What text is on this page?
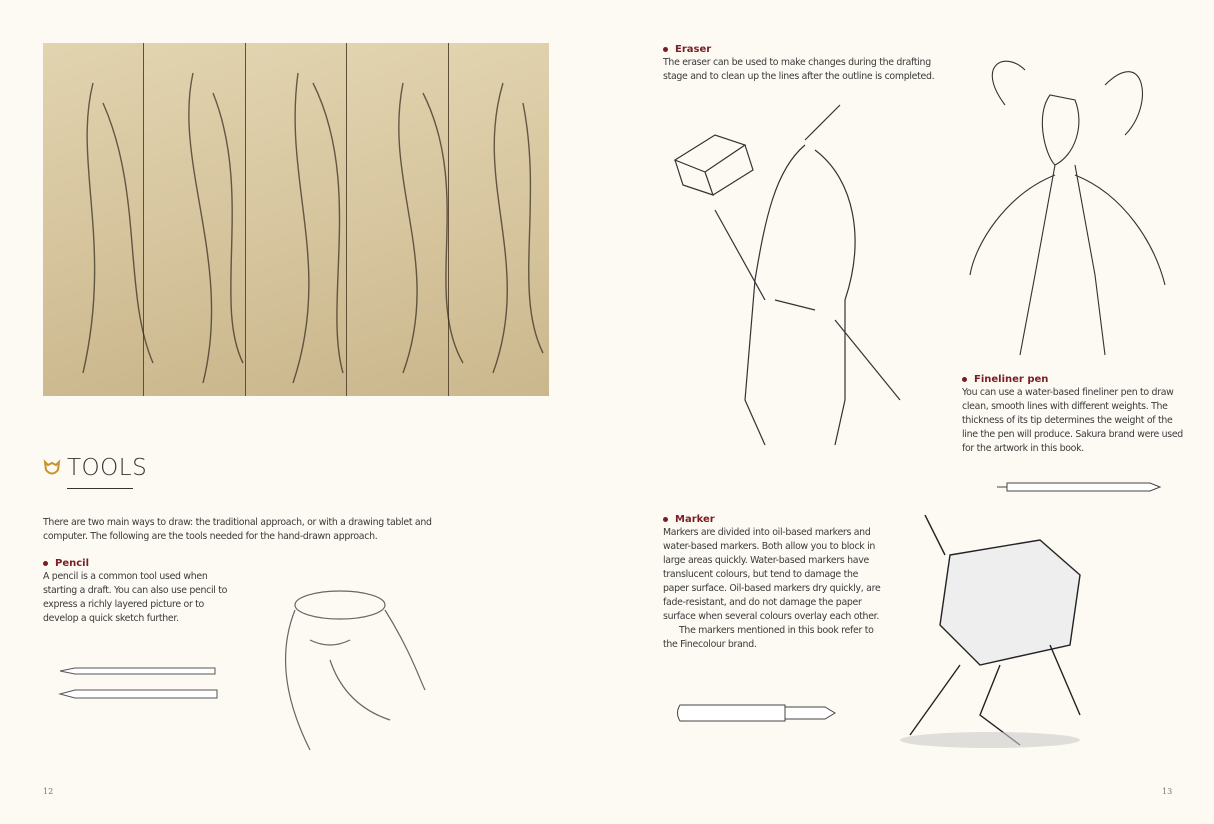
TOOLS

There are two main ways to draw: the traditional approach, or with a drawing tablet and computer. The following are the tools needed for the hand-drawn approach.

Pencil

A pencil is a common tool used when starting a draft. You can also use pencil to express a richly layered picture or to develop a quick sketch further.

12
Eraser

The eraser can be used to make changes during the drafting stage and to clean up the lines after the outline is completed.

Fineliner pen

You can use a water-based fineliner pen to draw clean, smooth lines with different weights. The thickness of its tip determines the weight of the line the pen will produce. Sakura brand were used for the artwork in this book.

Marker

Markers are divided into oil-based markers and water-based markers. Both allow you to block in large areas quickly. Water-based markers have translucent colours, but tend to damage the paper surface. Oil-based markers dry quickly, are fade-resistant, and do not damage the paper surface when several colours overlay each other.

The markers mentioned in this book refer to the Finecolour brand.

13
